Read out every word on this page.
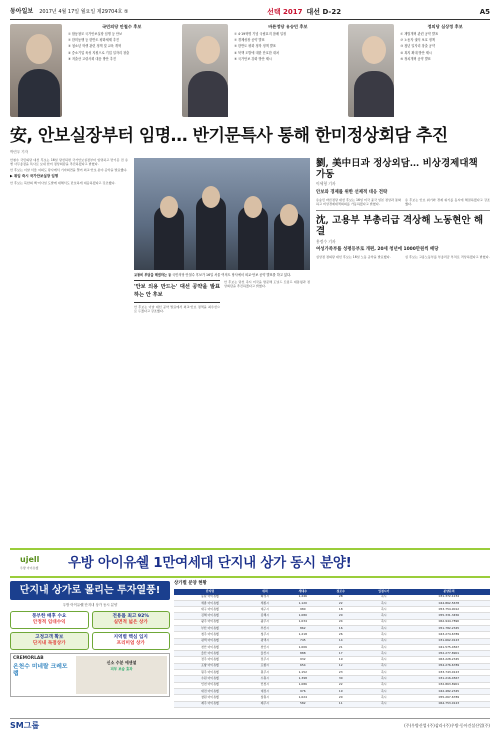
동아일보 2017년 4월 17일 월요일 제29704호 ⑤	선택 2017 대선 D-22	A5
국민의당 안철수 후보
① 합동참모 국가안보실장 임명 등 안보
② 한미동맹 등 한반도 평화체제 추진
③ 청소년 학생 관련 정책 및 교육 개혁
④ 중소기업 육성 지원으로 기업 일자리 창출
⑤ 저출산 고령사회 대응 방안 추진
바른정당 유승민 후보
① 4·19혁명 기념 국립묘지 참배 일정
② 경제성장 공약 발표
③ 한반도 평화 정착 정책 발표
④ 북핵 도발에 대한 단호한 대처
⑤ 국가안보 강화 방안 제시
정의당 심상정 후보
① 재벌개혁 관련 공약 발표
② 노동자 권익 보호 정책
③ 청년 일자리 창출 공약
④ 복지 확대 방안 제시
⑤ 정치개혁 공약 발표
安, 안보실장부터 임명… 반기문특사 통해 한미정상회담 추진
박민우 기자

안철수 국민의당 대선 후보는 16일 당선되면 국가안보실장부터 임명하고 반기문 전 유엔 사무총장을 특사로 보내 한미 정상회담을 추진하겠다고 밝혔다.

안 후보는 이날 서울 여의도 당사에서 기자회견을 열어 외교·안보 분야 공약을 발표했다.

▶ 취임 즉시 국가안보실장 임명

안 후보는 북한의 핵·미사일 도발에 대해서도 단호하게 대응하겠다고 강조했다.

교통비 부담을 해결하는 등 국민의당 안철수 후보가 16일 서울 여의도 당사에서 외교·안보 공약 발표를 하고 있다.
'안보 의용 만드는' 대선 공약을 발표하는 안 후보

안 후보는 이날 대선 공약 발표에서 외교·안보 정책을 최우선으로 두겠다고 강조했다.

안 후보는 당선 즉시 미국을 방문해 도널드 트럼프 대통령과 정상회담을 추진하겠다고 밝혔다.

劉, 美中日과 정상외담… 비상경제대책 가동
이세형 기자
안보와 경제를 위한 선제적 대응 전략
유승민 바른정당 대선 후보는 16일 미국 중국 일본 정상과 통화하고 비상경제대책회의를 가동하겠다고 밝혔다.
유 후보는 안보 위기와 경제 위기를 동시에 해결하겠다고 강조했다.
沈, 고용부 부총리급 격상해 노동현안 해결
홍정수 기자
여성가족부를 성평등부로 개편, 20세 청년에 1000만원씩 배당
심상정 정의당 대선 후보는 16일 노동 공약을 발표했다.	심 후보는 고용노동부를 부총리급 부처로 격상하겠다고 밝혔다.
ujell
우방 아이유쉘	우방 아이유쉘 1만여세대 단지내 상가 동시 분양!
단지내 상가로 몰리는 투자열풍!
우방 아이유쉘 단지내 상가 동시 분양
풍부한 배후 수요
안정적 임대수익
전용률 최고 92%
실면적 넓은 상가
고정고객 확보
단지내 독점상가
지역별 핵심 입지
프리미엄 상가
CREMORLAB
온천수 미네랄 크레모랩
신소 수분 에센셜
피부 보습 효과
상가별 분양 현황
단지명	위치	세대수	점포수	입점시기	분양문의
동탄 아이유쉘	화성시	1,246	28	즉시	031-372-1234
세종 아이유쉘	세종시	1,120	22	즉시	044-862-5678
대구 아이유쉘	대구시	980	18	즉시	053-754-9012
김해 아이유쉘	김해시	1,080	20	즉시	055-331-3456
광주 아이유쉘	광주시	1,034	24	즉시	062-944-7890
부산 아이유쉘	부산시	862	16	즉시	051-782-2345
청주 아이유쉘	청주시	1,218	26	즉시	043-274-6789
평택 아이유쉘	평택시	745	14	즉시	031-662-0123
천안 아이유쉘	천안시	1,006	21	즉시	041-575-4567
울산 아이유쉘	울산시	888	17	즉시	052-277-8901
전주 아이유쉘	전주시	932	19	즉시	063-228-2345
포항 아이유쉘	포항시	654	12	즉시	054-276-6789
원주 아이유쉘	원주시	1,152	23	즉시	033-743-0123
수원 아이유쉘	수원시	1,398	30	즉시	031-216-4567
인천 아이유쉘	인천시	1,086	22	즉시	032-863-8901
대전 아이유쉘	대전시	976	19	즉시	042-482-2345
창원 아이유쉘	창원시	1,024	20	즉시	055-267-6789
제주 아이유쉘	제주시	582	11	즉시	064-753-0123
SM그룹	(주)우방산업·(주)삼라·(주)우방·동아건설산업(주)
